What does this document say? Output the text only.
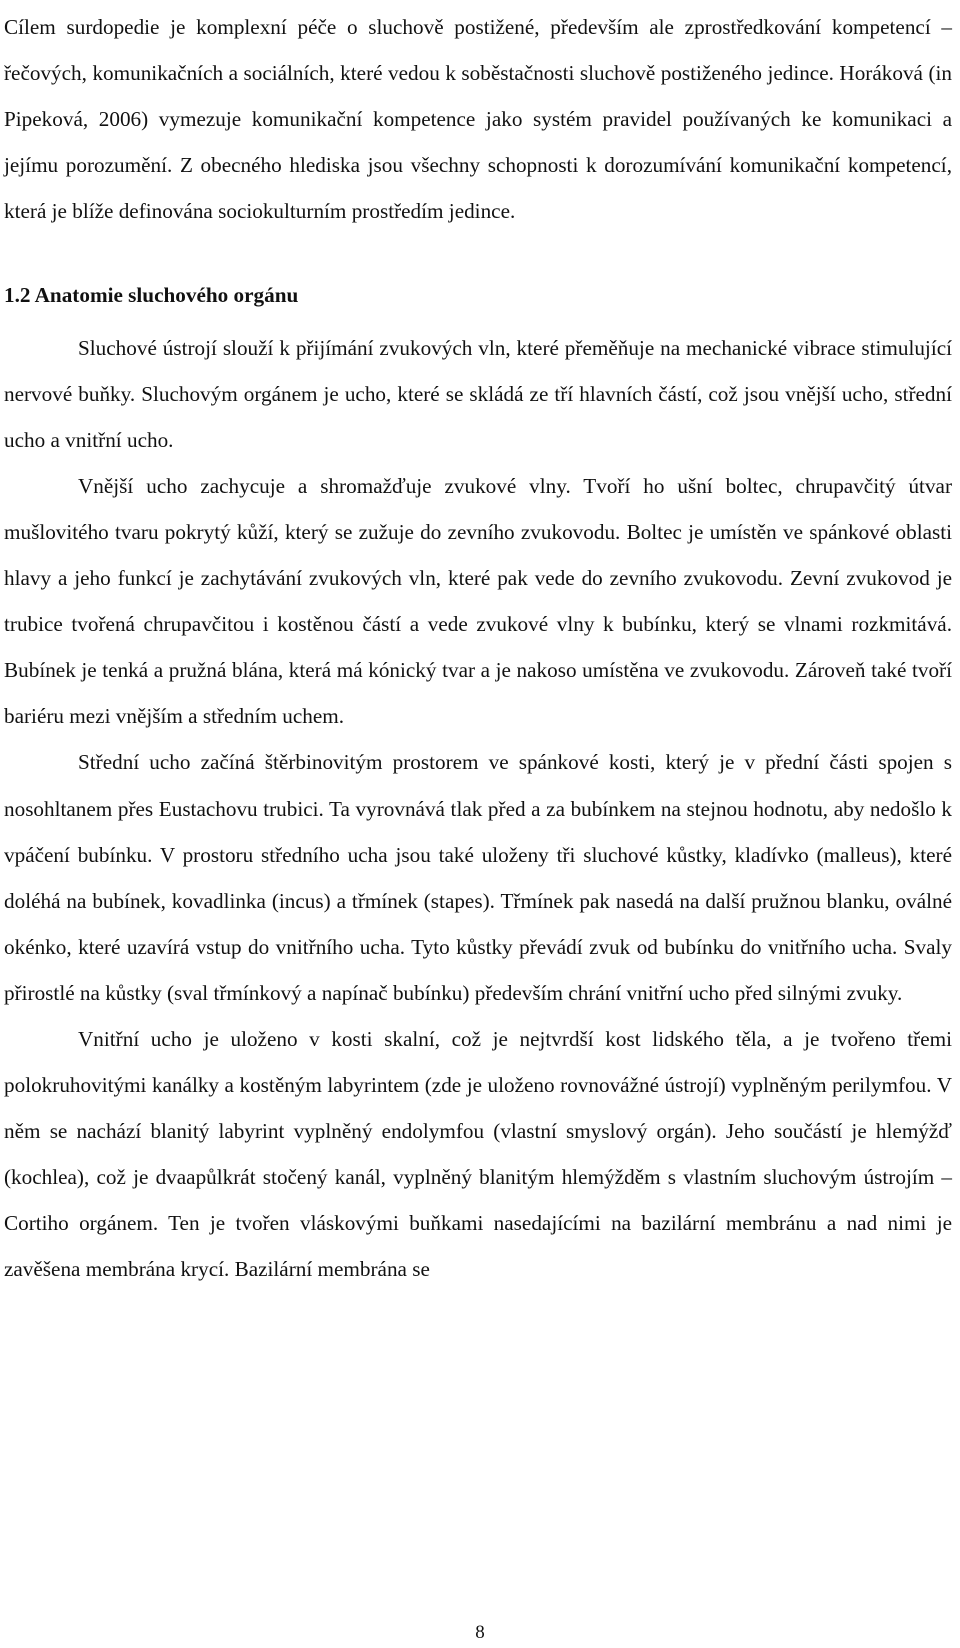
Cílem surdopedie je komplexní péče o sluchově postižené, především ale zprostředkování kompetencí – řečových, komunikačních a sociálních, které vedou k soběstačnosti sluchově postiženého jedince. Horáková (in Pipeková, 2006) vymezuje komunikační kompetence jako systém pravidel používaných ke komunikaci a jejímu porozumění. Z obecného hlediska jsou všechny schopnosti k dorozumívání komunikační kompetencí, která je blíže definována sociokulturním prostředím jedince.

1.2 Anatomie sluchového orgánu

Sluchové ústrojí slouží k přijímání zvukových vln, které přeměňuje na mechanické vibrace stimulující nervové buňky. Sluchovým orgánem je ucho, které se skládá ze tří hlavních částí, což jsou vnější ucho, střední ucho a vnitřní ucho.

Vnější ucho zachycuje a shromažďuje zvukové vlny. Tvoří ho ušní boltec, chrupavčitý útvar mušlovitého tvaru pokrytý kůží, který se zužuje do zevního zvukovodu. Boltec je umístěn ve spánkové oblasti hlavy a jeho funkcí je zachytávání zvukových vln, které pak vede do zevního zvukovodu. Zevní zvukovod je trubice tvořená chrupavčitou i kostěnou částí a vede zvukové vlny k bubínku, který se vlnami rozkmitává. Bubínek je tenká a pružná blána, která má kónický tvar a je nakoso umístěna ve zvukovodu. Zároveň také tvoří bariéru mezi vnějším a středním uchem.

Střední ucho začíná štěrbinovitým prostorem ve spánkové kosti, který je v přední části spojen s nosohltanem přes Eustachovu trubici. Ta vyrovnává tlak před a za bubínkem na stejnou hodnotu, aby nedošlo k vpáčení bubínku. V prostoru středního ucha jsou také uloženy tři sluchové kůstky, kladívko (malleus), které doléhá na bubínek, kovadlinka (incus) a třmínek (stapes). Třmínek pak nasedá na další pružnou blanku, oválné okénko, které uzavírá vstup do vnitřního ucha. Tyto kůstky převádí zvuk od bubínku do vnitřního ucha. Svaly přirostlé na kůstky (sval třmínkový a napínač bubínku) především chrání vnitřní ucho před silnými zvuky.

Vnitřní ucho je uloženo v kosti skalní, což je nejtvrdší kost lidského těla, a je tvořeno třemi polokruhovitými kanálky a kostěným labyrintem (zde je uloženo rovnovážné ústrojí) vyplněným perilymfou. V něm se nachází blanitý labyrint vyplněný endolymfou (vlastní smyslový orgán). Jeho součástí je hlemýžď (kochlea), což je dvaapůlkrát stočený kanál, vyplněný blanitým hlemýžděm s vlastním sluchovým ústrojím – Cortiho orgánem. Ten je tvořen vláskovými buňkami nasedajícími na bazilární membránu a nad nimi je zavěšena membrána krycí. Bazilární membrána se

8
